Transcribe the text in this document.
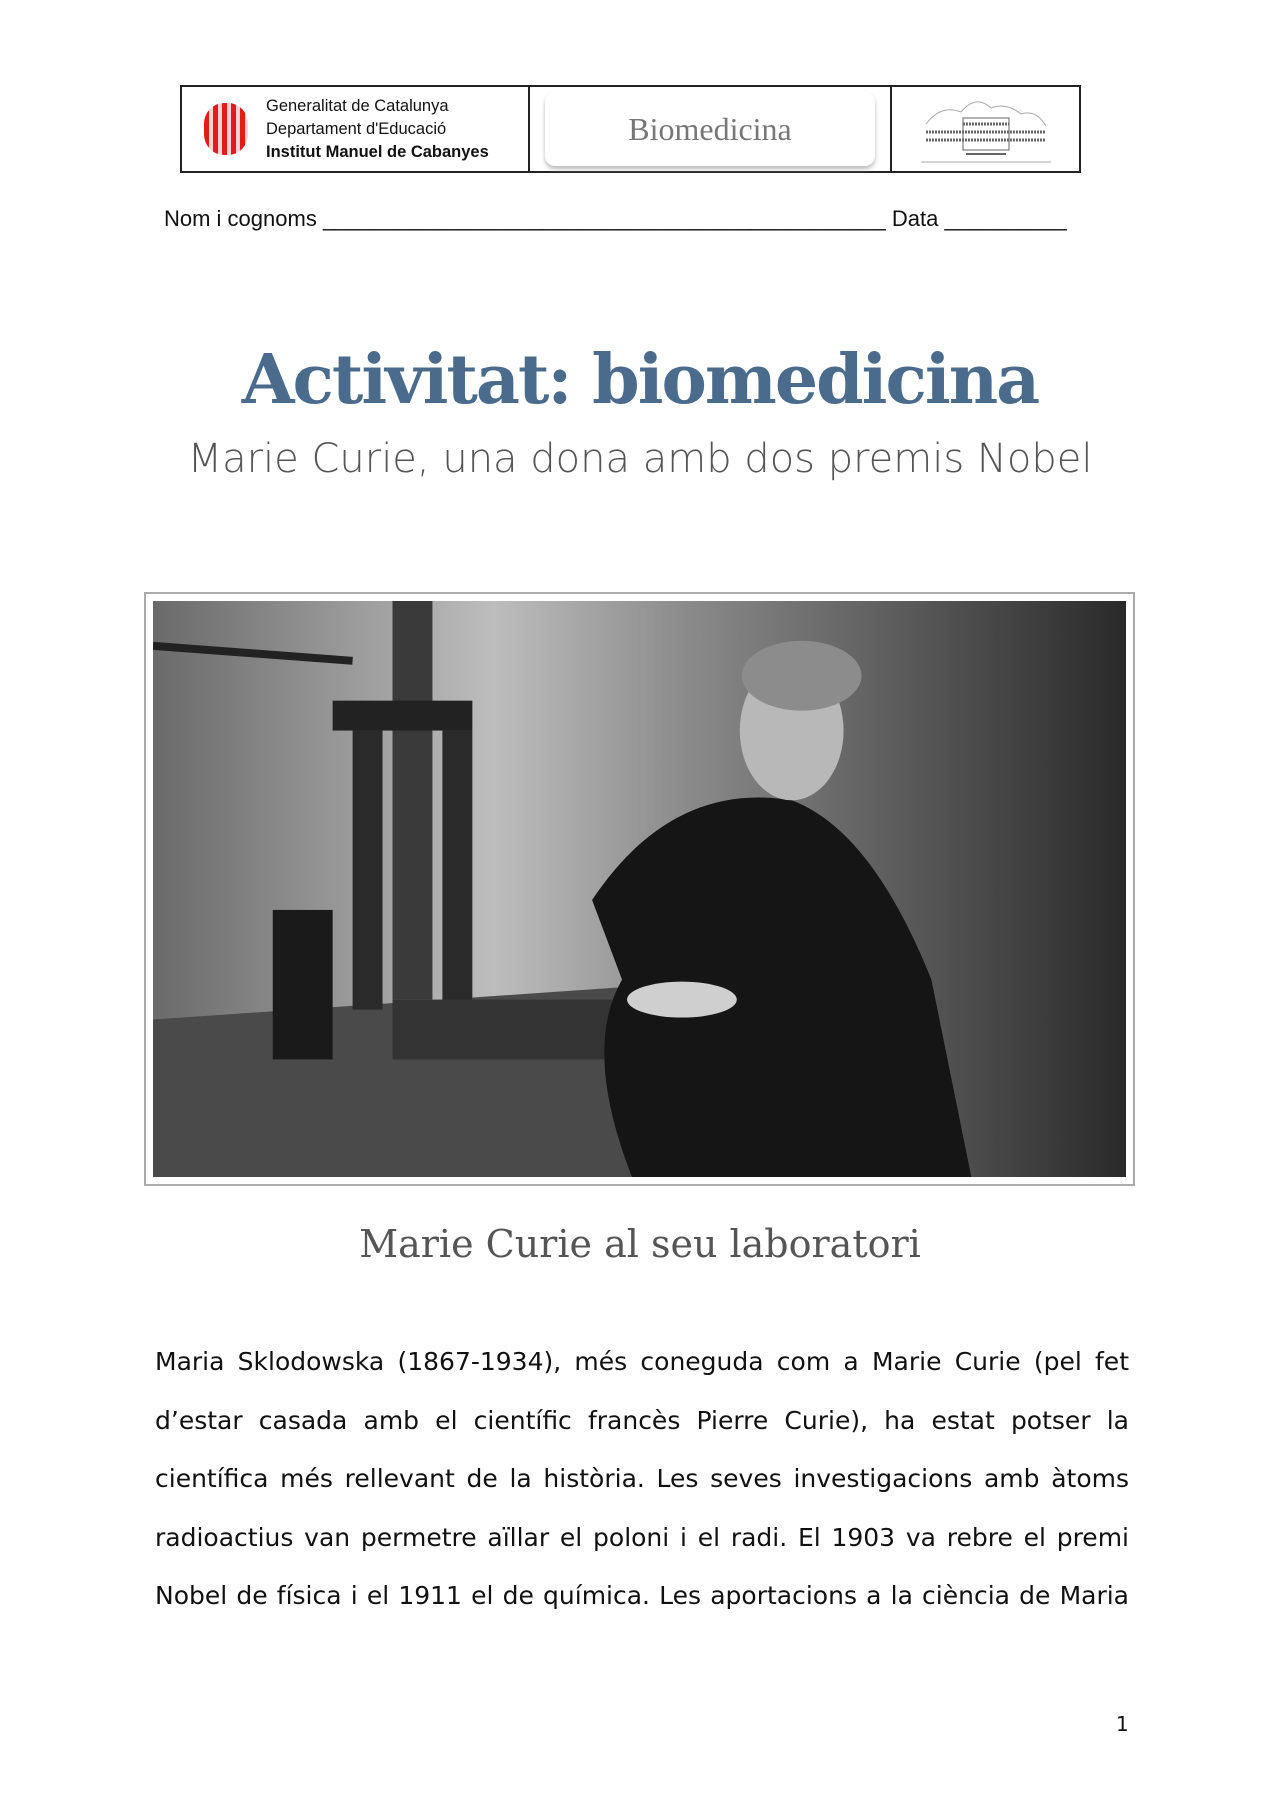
Generalitat de Catalunya
Departament d'Educació
Institut Manuel de Cabanyes
Biomedicina
Nom i cognoms ______________________________________________ Data __________
Activitat: biomedicina
Marie Curie, una dona amb dos premis Nobel
Marie Curie al seu laboratori
Maria Sklodowska (1867-1934), més coneguda com a Marie Curie (pel fet
d’estar casada amb el científic francès Pierre Curie), ha estat potser la
científica més rellevant de la història. Les seves investigacions amb àtoms
radioactius van permetre aïllar el poloni i el radi. El 1903 va rebre el premi
Nobel de física i el 1911 el de química. Les aportacions a la ciència de Maria
1
